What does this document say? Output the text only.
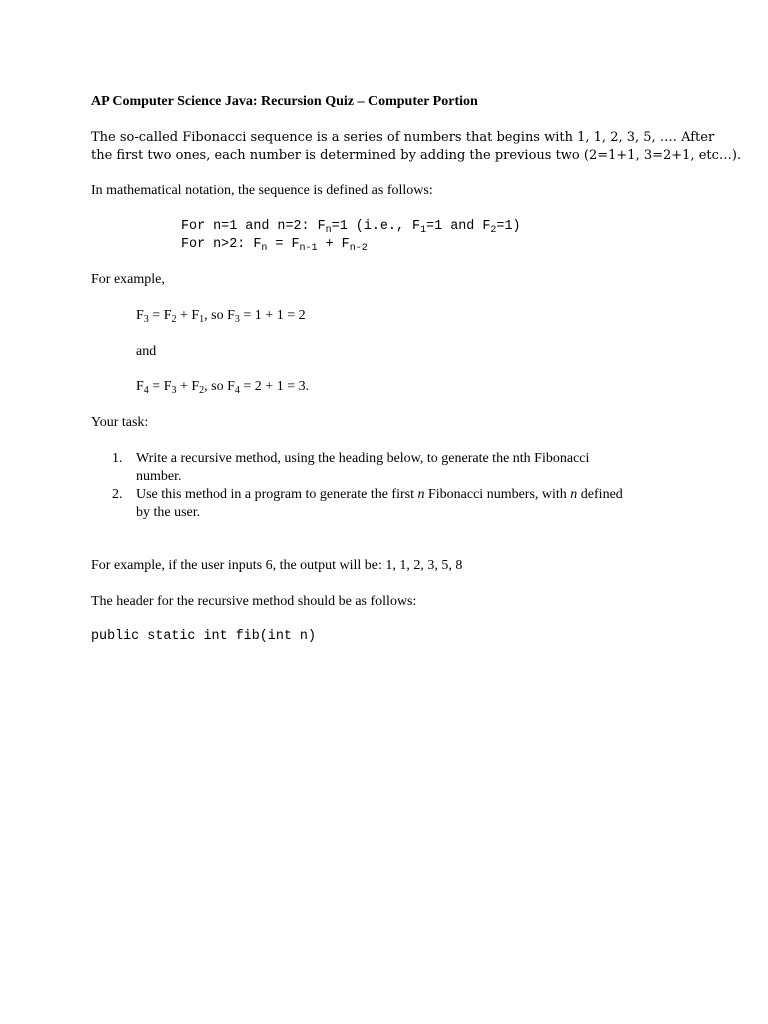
AP Computer Science Java: Recursion Quiz – Computer Portion
The so-called Fibonacci sequence is a series of numbers that begins with 1, 1, 2, 3, 5, …. After
the first two ones, each number is determined by adding the previous two (2=1+1, 3=2+1, etc…).
In mathematical notation, the sequence is defined as follows:
For n=1 and n=2: $F_n=1$ (i.e., $F_1=1$ and $F_2=1$)
For n>2: $F_n = F_{n-1} + F_{n-2}$
For example,
$F_3 = F_2 + F_1$, so $F_3 = 1 + 1 = 2$
and
$F_4 = F_3 + F_2$, so $F_4 = 2 + 1 = 3$.
Your task:
1. Write a recursive method, using the heading below, to generate the nth Fibonacci
number.
2. Use this method in a program to generate the first n Fibonacci numbers, with n defined
by the user.
For example, if the user inputs 6, the output will be: 1, 1, 2, 3, 5, 8
The header for the recursive method should be as follows:
public static int fib(int n)
